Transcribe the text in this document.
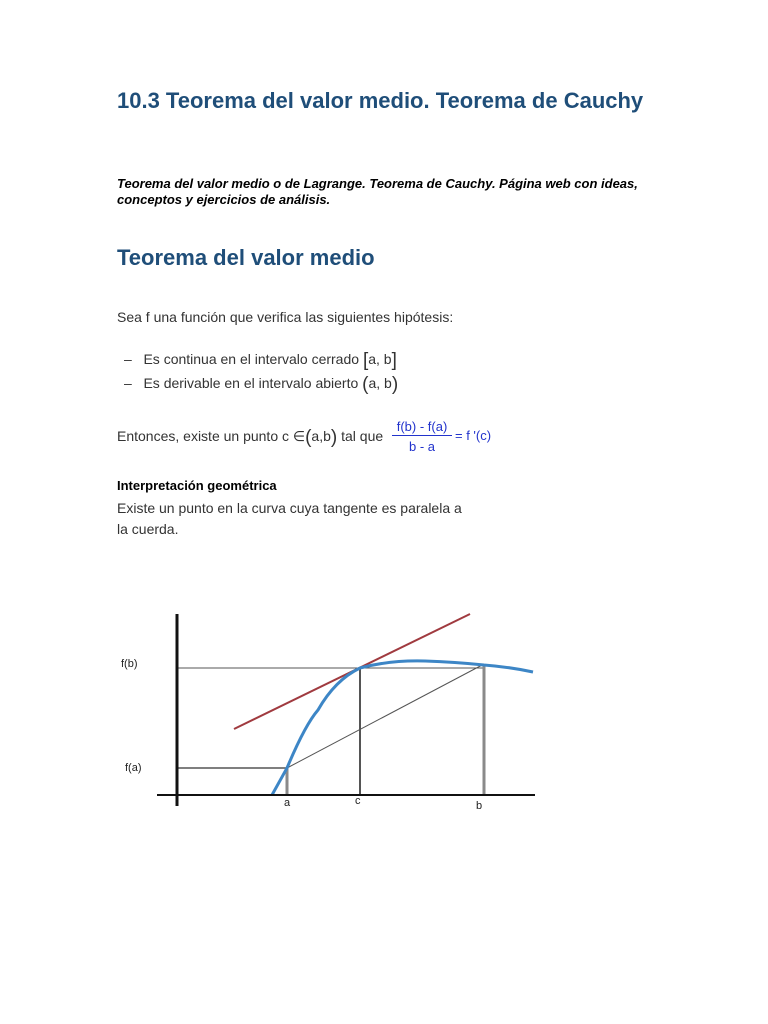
10.3 Teorema del valor medio. Teorema de Cauchy

Teorema del valor medio o de Lagrange. Teorema de Cauchy. Página web con ideas, conceptos y ejercicios de análisis.

Teorema del valor medio

Sea f una función que verifica las siguientes hipótesis:

– Es continua en el intervalo cerrado [a, b]
– Es derivable en el intervalo abierto (a, b)
Entonces, existe un punto c ∈(a,b) tal que $\frac{f(b) - f(a)}{b - a} = f$ '(c)
Interpretación geométrica

Existe un punto en la curva cuya tangente es paralela a la cuerda.

f(b)
f(a)
a	c	b
